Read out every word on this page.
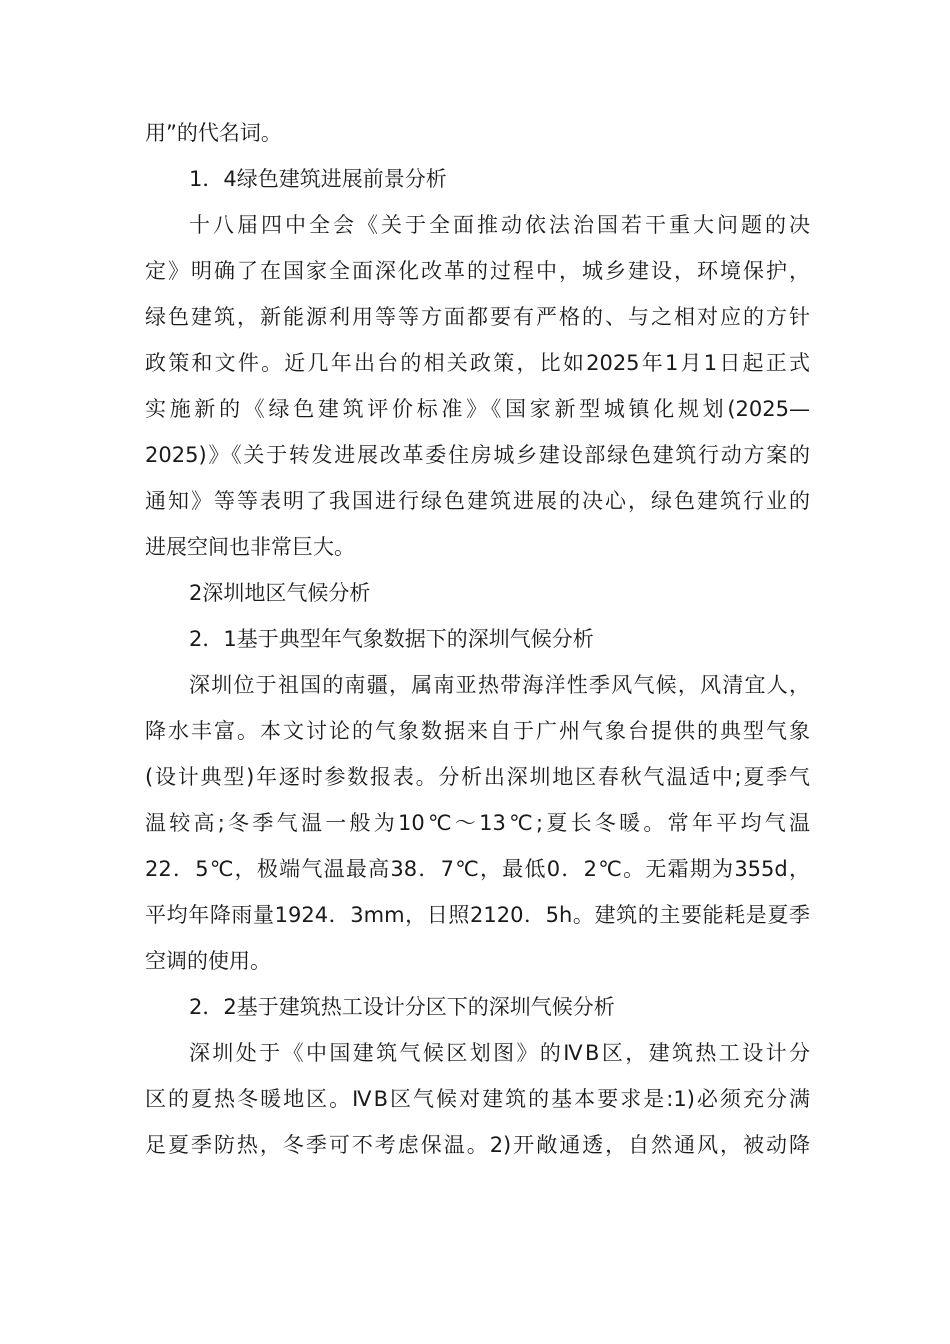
用”的代名词。
1．4绿色建筑进展前景分析
十八届四中全会《关于全面推动依法治国若干重大问题的决
定》明确了在国家全面深化改革的过程中，城乡建设，环境保护，
绿色建筑，新能源利用等等方面都要有严格的、与之相对应的方针
政策和文件。近几年出台的相关政策，比如2025年1月1日起正式
实施新的《绿色建筑评价标准》《国家新型城镇化规划(2025—
2025)》《关于转发进展改革委住房城乡建设部绿色建筑行动方案的
通知》等等表明了我国进行绿色建筑进展的决心，绿色建筑行业的
进展空间也非常巨大。
2深圳地区气候分析
2．1基于典型年气象数据下的深圳气候分析
深圳位于祖国的南疆，属南亚热带海洋性季风气候，风清宜人，
降水丰富。本文讨论的气象数据来自于广州气象台提供的典型气象
(设计典型)年逐时参数报表。分析出深圳地区春秋气温适中;夏季气
温较高;冬季气温一般为10℃～13℃;夏长冬暖。常年平均气温
22．5℃，极端气温最高38．7℃，最低0．2℃。无霜期为355d，
平均年降雨量1924．3mm，日照2120．5h。建筑的主要能耗是夏季
空调的使用。
2．2基于建筑热工设计分区下的深圳气候分析
深圳处于《中国建筑气候区划图》的ⅣB区，建筑热工设计分
区的夏热冬暖地区。ⅣB区气候对建筑的基本要求是:1)必须充分满
足夏季防热，冬季可不考虑保温。2)开敞通透，自然通风，被动降
